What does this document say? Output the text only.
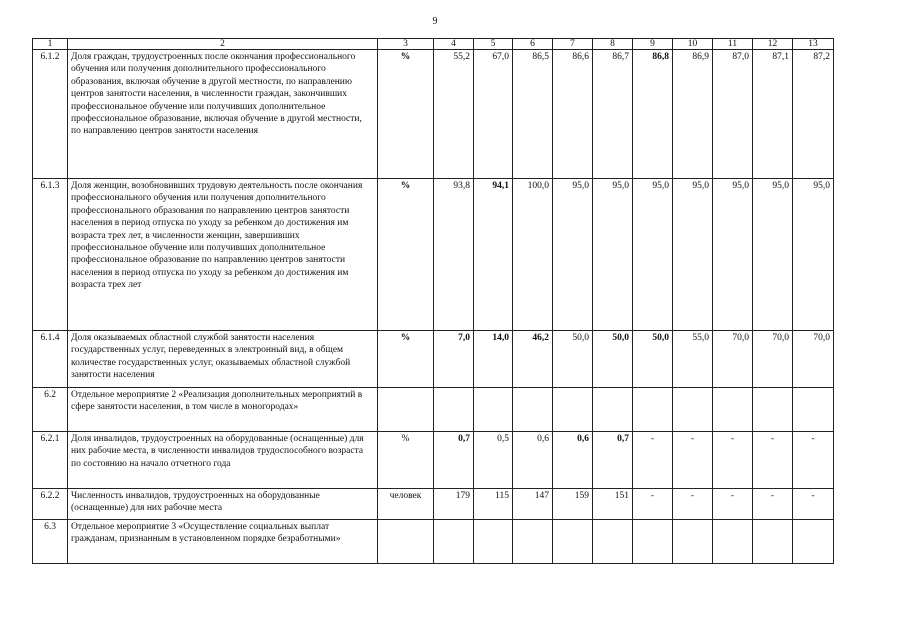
9
1	2	3	4	5	6	7	8	9	10	11	12	13
6.1.2	Доля граждан, трудоустроенных после окончания профессионального обучения или получения дополнительного профессионального образования, включая обучение в другой местности, по направлению центров занятости населения, в численности граждан, закончивших профессиональное обучение или получивших дополнительное профессиональное образование, включая обучение в другой местности, по направлению центров занятости населения	%	55,2	67,0	86,5	86,6	86,7	86,8	86,9	87,0	87,1	87,2
6.1.3	Доля женщин, возобновивших трудовую деятельность после окончания профессионального обучения или получения дополнительного профессионального образования по направлению центров занятости населения в период отпуска по уходу за ребенком до достижения им возраста трех лет, в численности женщин, завершивших профессиональное обучение или получивших дополнительное профессиональное образование по направлению центров занятости населения в период отпуска по уходу за ребенком до достижения им возраста трех лет	%	93,8	94,1	100,0	95,0	95,0	95,0	95,0	95,0	95,0	95,0
6.1.4	Доля оказываемых областной службой занятости населения государственных услуг, переведенных в электронный вид, в общем количестве государственных услуг, оказываемых областной службой занятости населения	%	7,0	14,0	46,2	50,0	50,0	50,0	55,0	70,0	70,0	70,0
6.2	Отдельное мероприятие 2 «Реализация дополнительных мероприятий в сфере занятости населения, в том числе в моногородах»											
6.2.1	Доля инвалидов, трудоустроенных на оборудованные (оснащенные) для них рабочие места, в численности инвалидов трудоспособного возраста по состоянию на начало отчетного года	%	0,7	0,5	0,6	0,6	0,7	-	-	-	-	-
6.2.2	Численность инвалидов, трудоустроенных на оборудованные (оснащенные) для них рабочие места	человек	179	115	147	159	151	-	-	-	-	-
6.3	Отдельное мероприятие 3 «Осуществление социальных выплат гражданам, признанным в установленном порядке безработными»											
